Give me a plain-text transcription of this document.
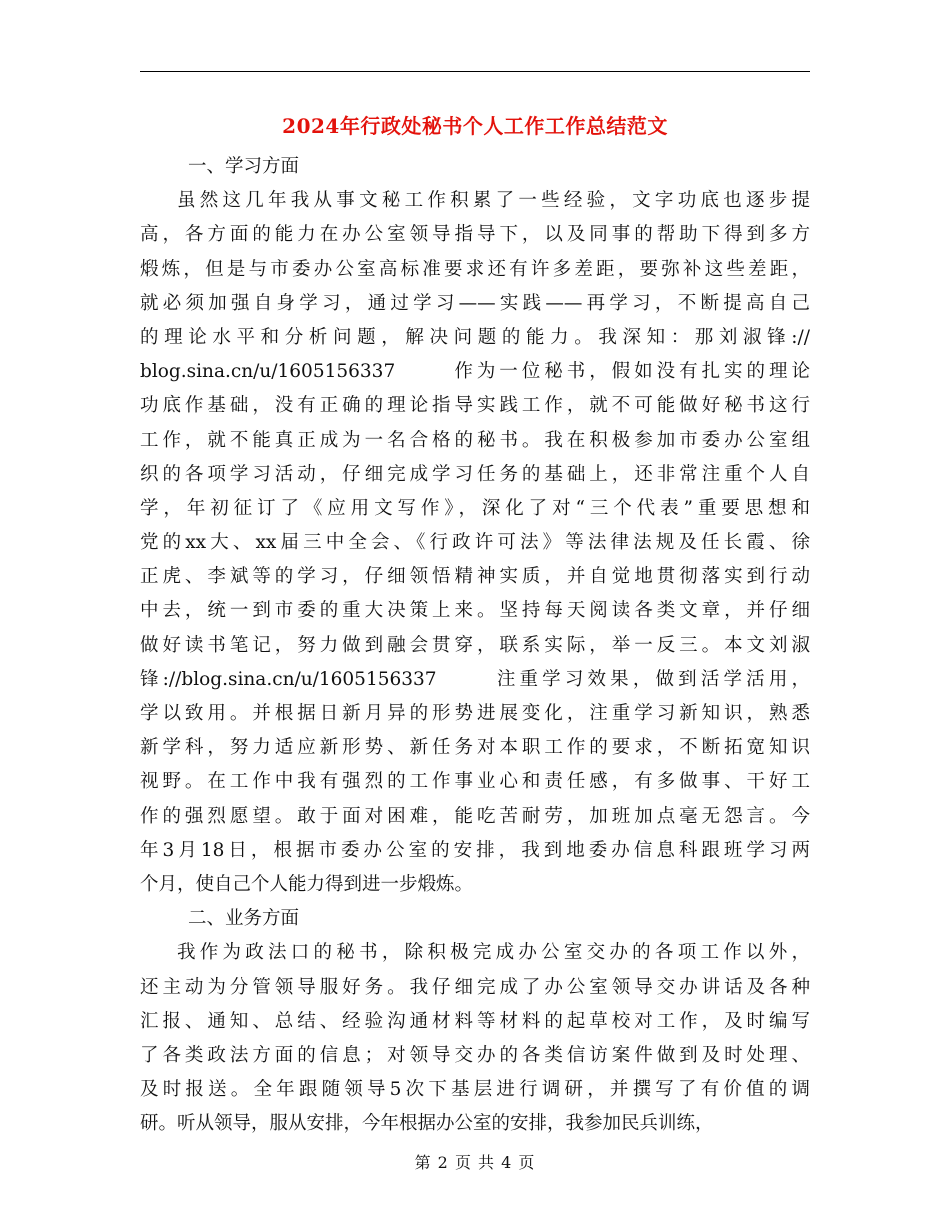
2024年行政处秘书个人工作工作总结范文
一、学习方面
虽然这几年我从事文秘工作积累了一些经验，文字功底也逐步提
高，各方面的能力在办公室领导指导下，以及同事的帮助下得到多方
煅炼，但是与市委办公室高标准要求还有许多差距，要弥补这些差距，
就必须加强自身学习，通过学习——实践——再学习，不断提高自己
的理论水平和分析问题，解决问题的能力。我深知：那刘淑锋://
blog.sina.cn/u/1605156337      作为一位秘书，假如没有扎实的理论
功底作基础，没有正确的理论指导实践工作，就不可能做好秘书这行
工作，就不能真正成为一名合格的秘书。我在积极参加市委办公室组
织的各项学习活动，仔细完成学习任务的基础上，还非常注重个人自
学，年初征订了《应用文写作》，深化了对“三个代表”重要思想和
党的xx大、xx届三中全会、《行政许可法》等法律法规及任长霞、徐
正虎、李斌等的学习，仔细领悟精神实质，并自觉地贯彻落实到行动
中去，统一到市委的重大决策上来。坚持每天阅读各类文章，并仔细
做好读书笔记，努力做到融会贯穿，联系实际，举一反三。本文刘淑
锋://blog.sina.cn/u/1605156337      注重学习效果，做到活学活用，
学以致用。并根据日新月异的形势进展变化，注重学习新知识，熟悉
新学科，努力适应新形势、新任务对本职工作的要求，不断拓宽知识
视野。在工作中我有强烈的工作事业心和责任感，有多做事、干好工
作的强烈愿望。敢于面对困难，能吃苦耐劳，加班加点毫无怨言。今
年3月18日，根据市委办公室的安排，我到地委办信息科跟班学习两
个月，使自己个人能力得到进一步煅炼。
二、业务方面
我作为政法口的秘书，除积极完成办公室交办的各项工作以外，
还主动为分管领导服好务。我仔细完成了办公室领导交办讲话及各种
汇报、通知、总结、经验沟通材料等材料的起草校对工作，及时编写
了各类政法方面的信息；对领导交办的各类信访案件做到及时处理、
及时报送。全年跟随领导5次下基层进行调研，并撰写了有价值的调
研。听从领导，服从安排，今年根据办公室的安排，我参加民兵训练，
第 2 页 共 4 页
